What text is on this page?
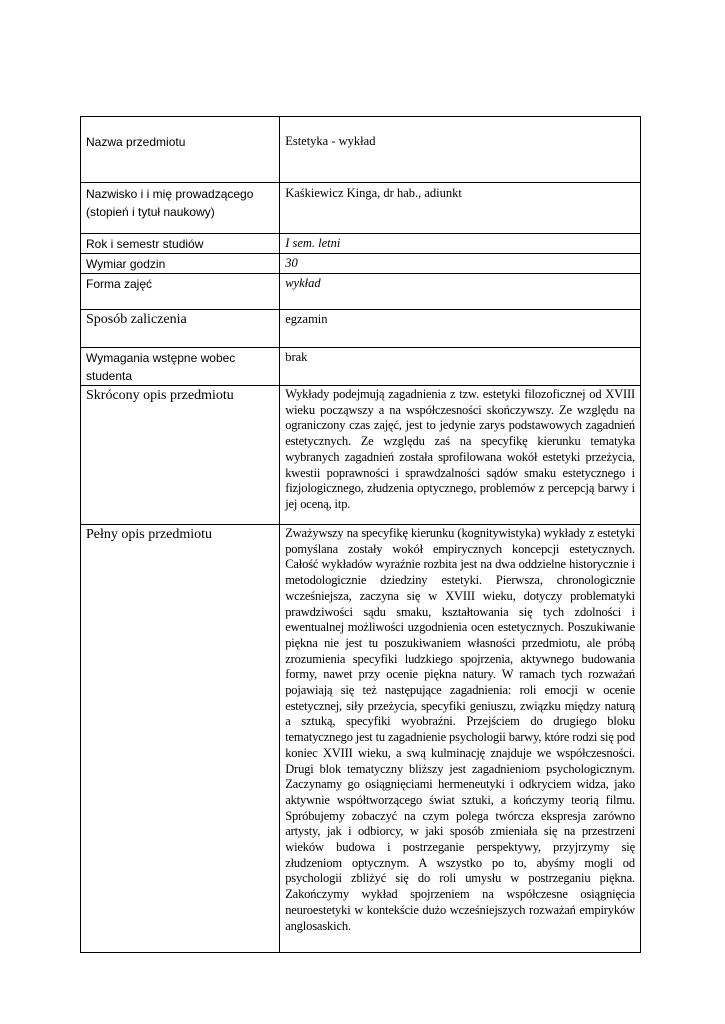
Nazwa przedmiotu	Estetyka - wykład
Nazwisko i i mię prowadzącego (stopień i tytuł naukowy)	Kaśkiewicz Kinga, dr hab., adiunkt
Rok i semestr studiów	I sem. letni
Wymiar godzin	30
Forma zajęć	wykład
Sposób zaliczenia	egzamin
Wymagania wstępne wobec studenta	brak
Skrócony opis przedmiotu	Wykłady podejmują zagadnienia z tzw. estetyki filozoficznej od XVIII wieku począwszy a na współczesności skończywszy. Ze względu na ograniczony czas zajęć, jest to jedynie zarys podstawowych zagadnień estetycznych. Ze względu zaś na specyfikę kierunku tematyka wybranych zagadnień została sprofilowana wokół estetyki przeżycia, kwestii poprawności i sprawdzalności sądów smaku estetycznego i fizjologicznego, złudzenia optycznego, problemów z percepcją barwy i jej oceną, itp.
Pełny opis przedmiotu	Zważywszy na specyfikę kierunku (kognitywistyka) wykłady z estetyki pomyślana zostały wokół empirycznych koncepcji estetycznych. Całość wykładów wyraźnie rozbita jest na dwa oddzielne historycznie i metodologicznie dziedziny estetyki. Pierwsza, chronologicznie wcześniejsza, zaczyna się w XVIII wieku, dotyczy problematyki prawdziwości sądu smaku, kształtowania się tych zdolności i ewentualnej możliwości uzgodnienia ocen estetycznych. Poszukiwanie piękna nie jest tu poszukiwaniem własności przedmiotu, ale próbą zrozumienia specyfiki ludzkiego spojrzenia, aktywnego budowania formy, nawet przy ocenie piękna natury. W ramach tych rozważań pojawiają się też następujące zagadnienia: roli emocji w ocenie estetycznej, siły przeżycia, specyfiki geniuszu, związku między naturą a sztuką, specyfiki wyobraźni. Przejściem do drugiego bloku tematycznego jest tu zagadnienie psychologii barwy, które rodzi się pod koniec XVIII wieku, a swą kulminację znajduje we współczesności. Drugi blok tematyczny bliższy jest zagadnieniom psychologicznym. Zaczynamy go osiągnięciami hermeneutyki i odkryciem widza, jako aktywnie współtworzącego świat sztuki, a kończymy teorią filmu. Spróbujemy zobaczyć na czym polega twórcza ekspresja zarówno artysty, jak i odbiorcy, w jaki sposób zmieniała się na przestrzeni wieków budowa i postrzeganie perspektywy, przyjrzymy się złudzeniom optycznym. A wszystko po to, abyśmy mogli od psychologii zbliżyć się do roli umysłu w postrzeganiu piękna. Zakończymy wykład spojrzeniem na współczesne osiągnięcia neuroestetyki w kontekście dużo wcześniejszych rozważań empiryków anglosaskich.
